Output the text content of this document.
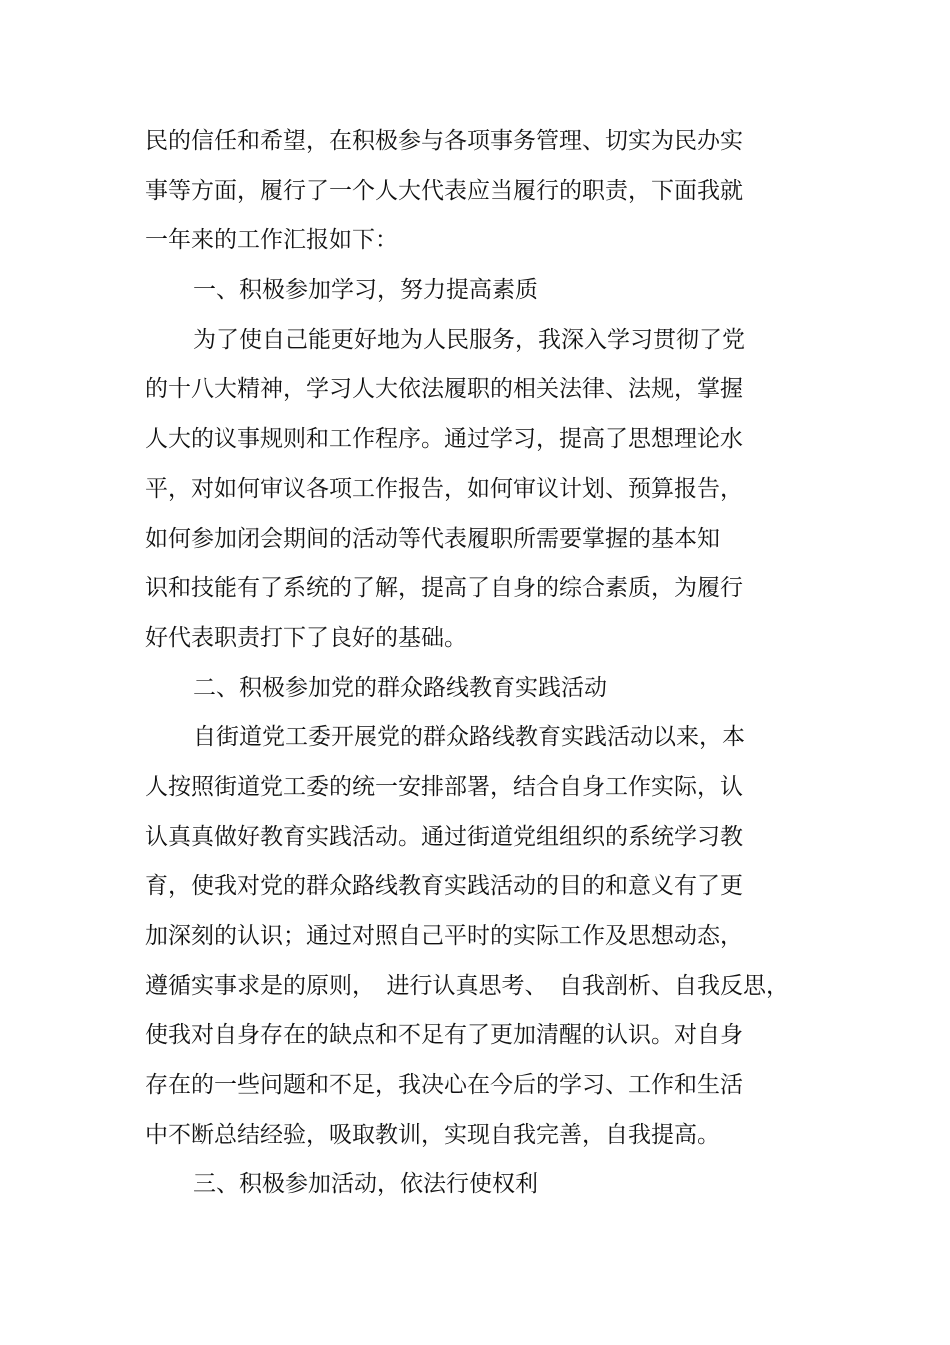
民的信任和希望，在积极参与各项事务管理、切实为民办实
事等方面，履行了一个人大代表应当履行的职责，下面我就
一年来的工作汇报如下：
一、积极参加学习，努力提高素质
为了使自己能更好地为人民服务，我深入学习贯彻了党
的十八大精神，学习人大依法履职的相关法律、法规，掌握
人大的议事规则和工作程序。通过学习，提高了思想理论水
平，对如何审议各项工作报告，如何审议计划、预算报告，
如何参加闭会期间的活动等代表履职所需要掌握的基本知
识和技能有了系统的了解，提高了自身的综合素质，为履行
好代表职责打下了良好的基础。
二、积极参加党的群众路线教育实践活动
自街道党工委开展党的群众路线教育实践活动以来，本
人按照街道党工委的统一安排部署，结合自身工作实际，认
认真真做好教育实践活动。通过街道党组组织的系统学习教
育，使我对党的群众路线教育实践活动的目的和意义有了更
加深刻的认识；通过对照自己平时的实际工作及思想动态，
遵循实事求是的原则，　进行认真思考、　自我剖析、自我反思，
使我对自身存在的缺点和不足有了更加清醒的认识。对自身
存在的一些问题和不足，我决心在今后的学习、工作和生活
中不断总结经验，吸取教训，实现自我完善，自我提高。
三、积极参加活动，依法行使权利
